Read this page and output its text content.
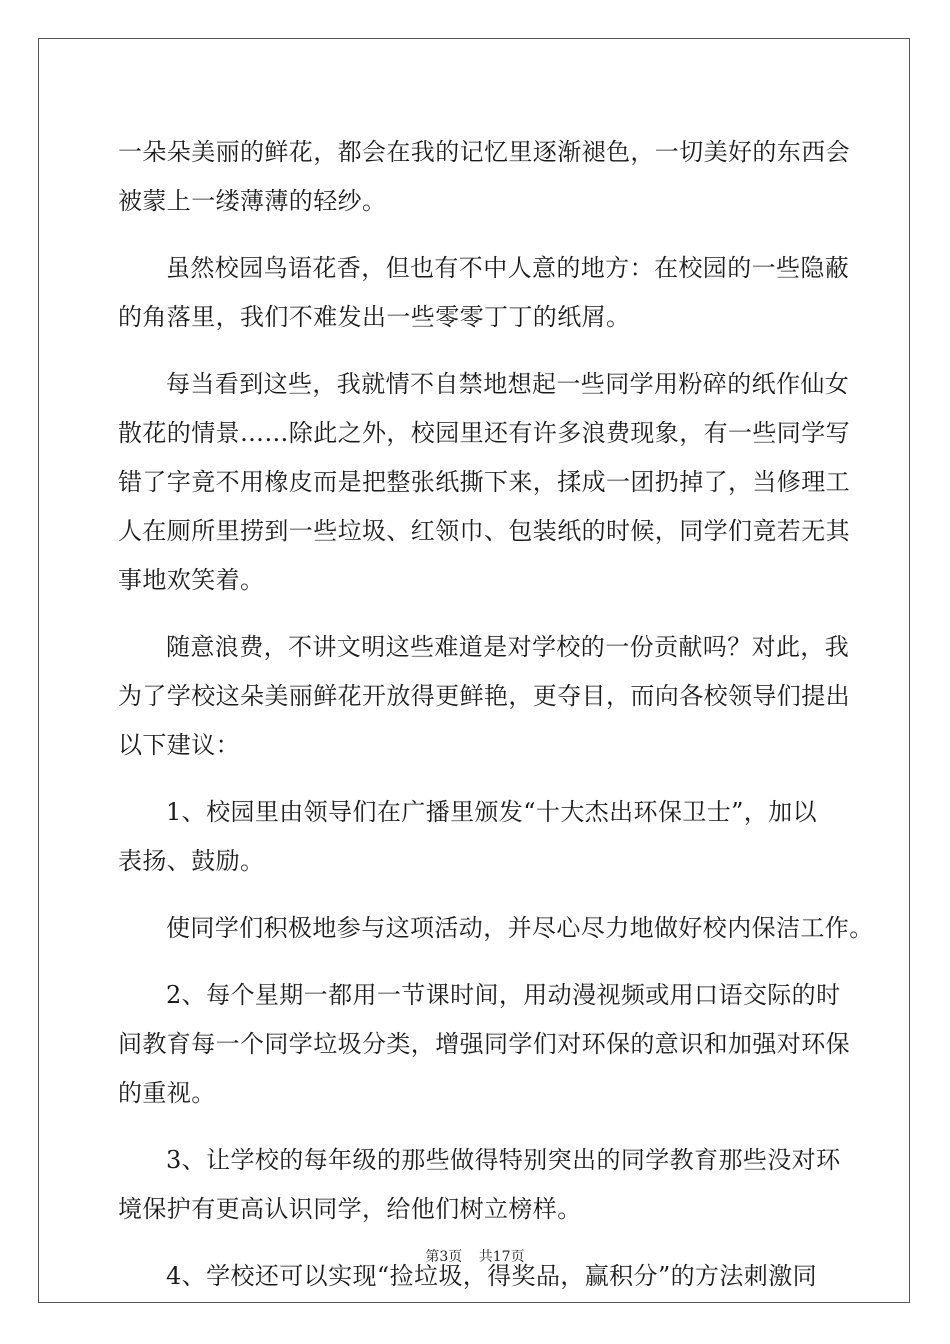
一朵朵美丽的鲜花，都会在我的记忆里逐渐褪色，一切美好的东西会
被蒙上一缕薄薄的轻纱。
虽然校园鸟语花香，但也有不中人意的地方：在校园的一些隐蔽
的角落里，我们不难发出一些零零丁丁的纸屑。
每当看到这些，我就情不自禁地想起一些同学用粉碎的纸作仙女
散花的情景……除此之外，校园里还有许多浪费现象，有一些同学写
错了字竟不用橡皮而是把整张纸撕下来，揉成一团扔掉了，当修理工
人在厕所里捞到一些垃圾、红领巾、包装纸的时候，同学们竟若无其
事地欢笑着。
随意浪费，不讲文明这些难道是对学校的一份贡献吗？对此，我
为了学校这朵美丽鲜花开放得更鲜艳，更夺目，而向各校领导们提出
以下建议：
1、校园里由领导们在广播里颁发“十大杰出环保卫士”，加以
表扬、鼓励。
使同学们积极地参与这项活动，并尽心尽力地做好校内保洁工作。
2、每个星期一都用一节课时间，用动漫视频或用口语交际的时
间教育每一个同学垃圾分类，增强同学们对环保的意识和加强对环保
的重视。
3、让学校的每年级的那些做得特别突出的同学教育那些没对环
境保护有更高认识同学，给他们树立榜样。
4、学校还可以实现“捡垃圾，得奖品，赢积分”的方法刺激同
第3页 共17页
